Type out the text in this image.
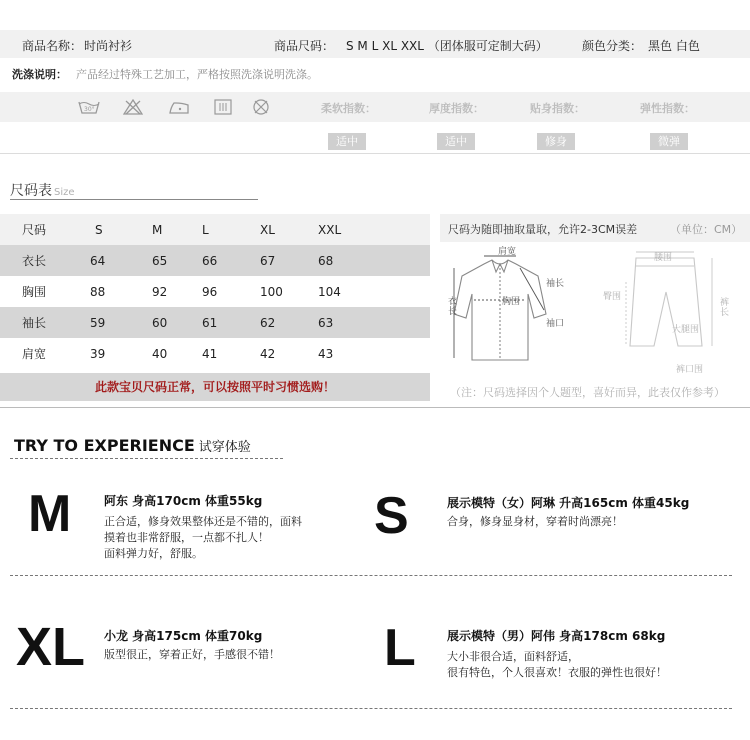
商品名称： 时尚衬衫	商品尺码： S M L XL XXL （团体服可定制大码）	颜色分类： 黑色 白色
洗涤说明： 产品经过特殊工艺加工，严格按照洗涤说明洗涤。
30°	柔软指数：	厚度指数：	贴身指数：	弹性指数：
适中	适中	修身	微弹
尺码表 Size
尺码	S	M	L	XL	XXL
衣长	64	65	66	67	68
胸围	88	92	96	100	104
袖长	59	60	61	62	63
肩宽	39	40	41	42	43
此款宝贝尺码正常，可以按照平时习惯选购！
尺码为随即抽取量取，允许2-3CM误差	（单位：CM）
肩宽
袖长
衣长
胸围
袖口
腰围
臀围
裤长
大腿围
裤口围
（注：尺码选择因个人题型，喜好而异，此表仅作参考）
TRY TO EXPERIENCE 试穿体验
M	阿东 身高170cm 体重55kg
正合适，修身效果整体还是不错的，面料
摸着也非常舒服，一点都不扎人！
面料弹力好，舒服。
S	展示模特（女）阿琳 升高165cm 体重45kg
合身，修身显身材，穿着时尚漂亮！
XL 小龙 身高175cm 体重70kg
版型很正，穿着正好，手感很不错！ L	展示模特（男）阿伟 身高178cm 68kg
大小非很合适，面料舒适，
很有特色，个人很喜欢！衣服的弹性也很好！
